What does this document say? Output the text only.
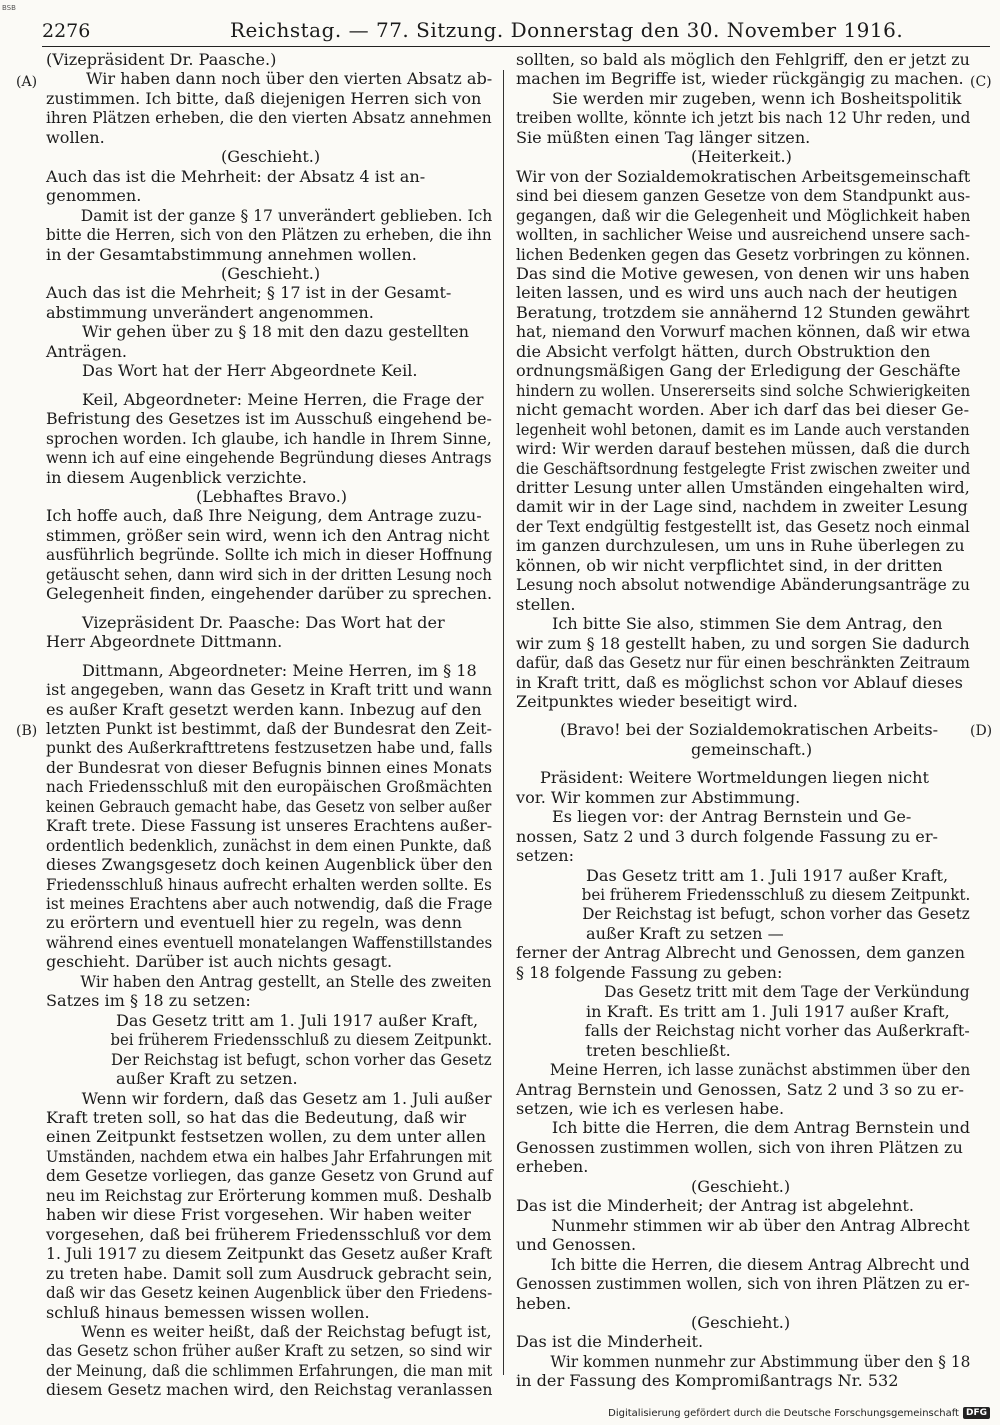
BSB
2276	Reichstag. — 77. Sitzung. Donnerstag den 30. November 1916.
(A)
(B)
(C)
(D)

(Vizepräsident Dr. Paasche.)

Wir haben dann noch über den vierten Absatz ab-

zustimmen. Ich bitte, daß diejenigen Herren sich von

ihren Plätzen erheben, die den vierten Absatz annehmen

wollen.

(Geschieht.)

Auch das ist die Mehrheit: der Absatz 4 ist an-

genommen.

Damit ist der ganze § 17 unverändert geblieben. Ich

bitte die Herren, sich von den Plätzen zu erheben, die ihn

in der Gesamtabstimmung annehmen wollen.

(Geschieht.)

Auch das ist die Mehrheit; § 17 ist in der Gesamt-

abstimmung unverändert angenommen.

Wir gehen über zu § 18 mit den dazu gestellten

Anträgen.

Das Wort hat der Herr Abgeordnete Keil.

Keil, Abgeordneter: Meine Herren, die Frage der

Befristung des Gesetzes ist im Ausschuß eingehend be-

sprochen worden. Ich glaube, ich handle in Ihrem Sinne,

wenn ich auf eine eingehende Begründung dieses Antrags

in diesem Augenblick verzichte.

(Lebhaftes Bravo.)

Ich hoffe auch, daß Ihre Neigung, dem Antrage zuzu-

stimmen, größer sein wird, wenn ich den Antrag nicht

ausführlich begründe. Sollte ich mich in dieser Hoffnung

getäuscht sehen, dann wird sich in der dritten Lesung noch

Gelegenheit finden, eingehender darüber zu sprechen.

Vizepräsident Dr. Paasche: Das Wort hat der

Herr Abgeordnete Dittmann.

Dittmann, Abgeordneter: Meine Herren, im § 18

ist angegeben, wann das Gesetz in Kraft tritt und wann

es außer Kraft gesetzt werden kann. Inbezug auf den

letzten Punkt ist bestimmt, daß der Bundesrat den Zeit-

punkt des Außerkrafttretens festzusetzen habe und, falls

der Bundesrat von dieser Befugnis binnen eines Monats

nach Friedensschluß mit den europäischen Großmächten

keinen Gebrauch gemacht habe, das Gesetz von selber außer

Kraft trete. Diese Fassung ist unseres Erachtens außer-

ordentlich bedenklich, zunächst in dem einen Punkte, daß

dieses Zwangsgesetz doch keinen Augenblick über den

Friedensschluß hinaus aufrecht erhalten werden sollte. Es

ist meines Erachtens aber auch notwendig, daß die Frage

zu erörtern und eventuell hier zu regeln, was denn

während eines eventuell monatelangen Waffenstillstandes

geschieht. Darüber ist auch nichts gesagt.

Wir haben den Antrag gestellt, an Stelle des zweiten

Satzes im § 18 zu setzen:

Das Gesetz tritt am 1. Juli 1917 außer Kraft,

bei früherem Friedensschluß zu diesem Zeitpunkt.

Der Reichstag ist befugt, schon vorher das Gesetz

außer Kraft zu setzen.

Wenn wir fordern, daß das Gesetz am 1. Juli außer

Kraft treten soll, so hat das die Bedeutung, daß wir

einen Zeitpunkt festsetzen wollen, zu dem unter allen

Umständen, nachdem etwa ein halbes Jahr Erfahrungen mit

dem Gesetze vorliegen, das ganze Gesetz von Grund auf

neu im Reichstag zur Erörterung kommen muß. Deshalb

haben wir diese Frist vorgesehen. Wir haben weiter

vorgesehen, daß bei früherem Friedensschluß vor dem

1. Juli 1917 zu diesem Zeitpunkt das Gesetz außer Kraft

zu treten habe. Damit soll zum Ausdruck gebracht sein,

daß wir das Gesetz keinen Augenblick über den Friedens-

schluß hinaus bemessen wissen wollen.

Wenn es weiter heißt, daß der Reichstag befugt ist,

das Gesetz schon früher außer Kraft zu setzen, so sind wir

der Meinung, daß die schlimmen Erfahrungen, die man mit

diesem Gesetz machen wird, den Reichstag veranlassen

sollten, so bald als möglich den Fehlgriff, den er jetzt zu

machen im Begriffe ist, wieder rückgängig zu machen.

Sie werden mir zugeben, wenn ich Bosheitspolitik

treiben wollte, könnte ich jetzt bis nach 12 Uhr reden, und

Sie müßten einen Tag länger sitzen.

(Heiterkeit.)

Wir von der Sozialdemokratischen Arbeitsgemeinschaft

sind bei diesem ganzen Gesetze von dem Standpunkt aus-

gegangen, daß wir die Gelegenheit und Möglichkeit haben

wollten, in sachlicher Weise und ausreichend unsere sach-

lichen Bedenken gegen das Gesetz vorbringen zu können.

Das sind die Motive gewesen, von denen wir uns haben

leiten lassen, und es wird uns auch nach der heutigen

Beratung, trotzdem sie annähernd 12 Stunden gewährt

hat, niemand den Vorwurf machen können, daß wir etwa

die Absicht verfolgt hätten, durch Obstruktion den

ordnungsmäßigen Gang der Erledigung der Geschäfte

hindern zu wollen. Unsererseits sind solche Schwierigkeiten

nicht gemacht worden. Aber ich darf das bei dieser Ge-

legenheit wohl betonen, damit es im Lande auch verstanden

wird: Wir werden darauf bestehen müssen, daß die durch

die Geschäftsordnung festgelegte Frist zwischen zweiter und

dritter Lesung unter allen Umständen eingehalten wird,

damit wir in der Lage sind, nachdem in zweiter Lesung

der Text endgültig festgestellt ist, das Gesetz noch einmal

im ganzen durchzulesen, um uns in Ruhe überlegen zu

können, ob wir nicht verpflichtet sind, in der dritten

Lesung noch absolut notwendige Abänderungsanträge zu

stellen.

Ich bitte Sie also, stimmen Sie dem Antrag, den

wir zum § 18 gestellt haben, zu und sorgen Sie dadurch

dafür, daß das Gesetz nur für einen beschränkten Zeitraum

in Kraft tritt, daß es möglichst schon vor Ablauf dieses

Zeitpunktes wieder beseitigt wird.

(Bravo! bei der Sozialdemokratischen Arbeits-

gemeinschaft.)

Präsident: Weitere Wortmeldungen liegen nicht

vor. Wir kommen zur Abstimmung.

Es liegen vor: der Antrag Bernstein und Ge-

nossen, Satz 2 und 3 durch folgende Fassung zu er-

setzen:

Das Gesetz tritt am 1. Juli 1917 außer Kraft,

bei früherem Friedensschluß zu diesem Zeitpunkt.

Der Reichstag ist befugt, schon vorher das Gesetz

außer Kraft zu setzen —

ferner der Antrag Albrecht und Genossen, dem ganzen

§ 18 folgende Fassung zu geben:

Das Gesetz tritt mit dem Tage der Verkündung

in Kraft. Es tritt am 1. Juli 1917 außer Kraft,

falls der Reichstag nicht vorher das Außerkraft-

treten beschließt.

Meine Herren, ich lasse zunächst abstimmen über den

Antrag Bernstein und Genossen, Satz 2 und 3 so zu er-

setzen, wie ich es verlesen habe.

Ich bitte die Herren, die dem Antrag Bernstein und

Genossen zustimmen wollen, sich von ihren Plätzen zu

erheben.

(Geschieht.)

Das ist die Minderheit; der Antrag ist abgelehnt.

Nunmehr stimmen wir ab über den Antrag Albrecht

und Genossen.

Ich bitte die Herren, die diesem Antrag Albrecht und

Genossen zustimmen wollen, sich von ihren Plätzen zu er-

heben.

(Geschieht.)

Das ist die Minderheit.

Wir kommen nunmehr zur Abstimmung über den § 18

in der Fassung des Kompromißantrags Nr. 532

Digitalisierung gefördert durch die Deutsche Forschungsgemeinschaft DFG
